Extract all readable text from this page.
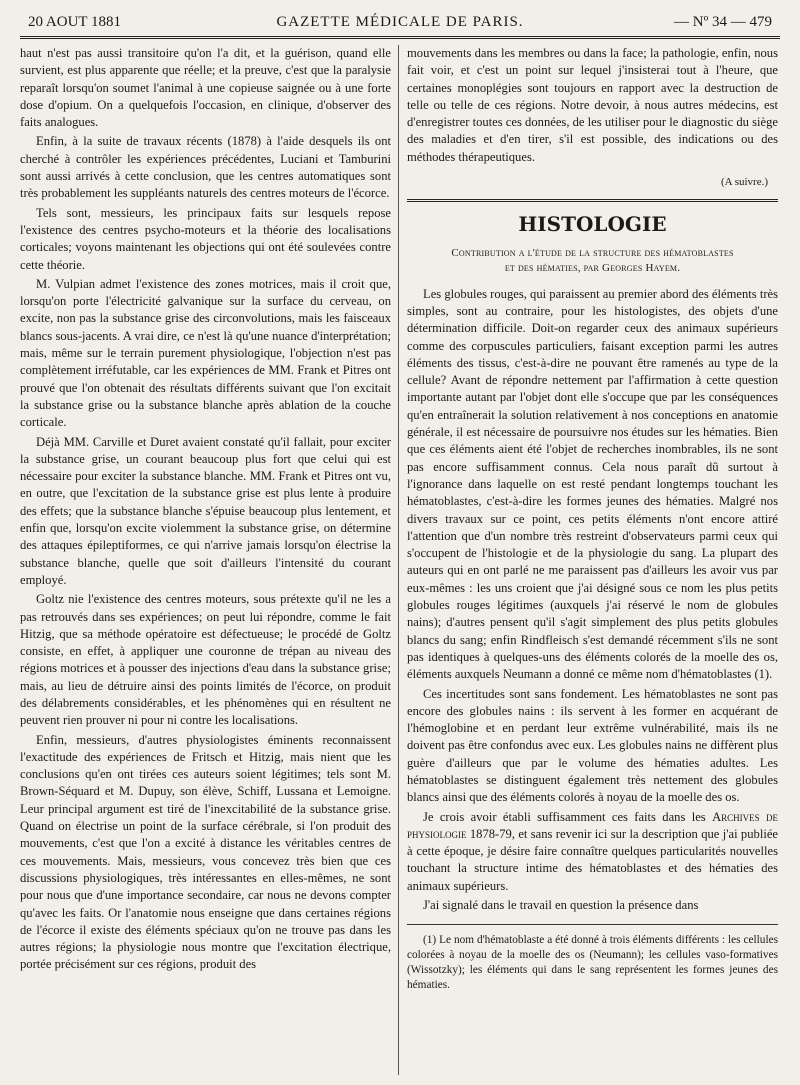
20 AOUT 1881	GAZETTE MÉDICALE DE PARIS.	— Nº 34 — 479

haut n'est pas aussi transitoire qu'on l'a dit, et la guérison, quand elle survient, est plus apparente que réelle; et la preuve, c'est que la paralysie reparaît lorsqu'on soumet l'animal à une copieuse saignée ou à une forte dose d'opium. On a quelquefois l'occasion, en clinique, d'observer des faits analogues.

Enfin, à la suite de travaux récents (1878) à l'aide desquels ils ont cherché à contrôler les expériences précédentes, Luciani et Tamburini sont aussi arrivés à cette conclusion, que les centres automatiques sont très probablement les suppléants naturels des centres moteurs de l'écorce.

Tels sont, messieurs, les principaux faits sur lesquels repose l'existence des centres psycho-moteurs et la théorie des localisations corticales; voyons maintenant les objections qui ont été soulevées contre cette théorie.

M. Vulpian admet l'existence des zones motrices, mais il croit que, lorsqu'on porte l'électricité galvanique sur la surface du cerveau, on excite, non pas la substance grise des circonvolutions, mais les faisceaux blancs sous-jacents. A vrai dire, ce n'est là qu'une nuance d'interprétation; mais, même sur le terrain purement physiologique, l'objection n'est pas complètement irréfutable, car les expériences de MM. Frank et Pitres ont prouvé que l'on obtenait des résultats différents suivant que l'on excitait la substance grise ou la substance blanche après ablation de la couche corticale.

Déjà MM. Carville et Duret avaient constaté qu'il fallait, pour exciter la substance grise, un courant beaucoup plus fort que celui qui est nécessaire pour exciter la substance blanche. MM. Frank et Pitres ont vu, en outre, que l'excitation de la substance grise est plus lente à produire des effets; que la substance blanche s'épuise beaucoup plus lentement, et enfin que, lorsqu'on excite violemment la substance grise, on détermine des attaques épileptiformes, ce qui n'arrive jamais lorsqu'on électrise la substance blanche, quelle que soit d'ailleurs l'intensité du courant employé.

Goltz nie l'existence des centres moteurs, sous prétexte qu'il ne les a pas retrouvés dans ses expériences; on peut lui répondre, comme le fait Hitzig, que sa méthode opératoire est défectueuse; le procédé de Goltz consiste, en effet, à appliquer une couronne de trépan au niveau des régions motrices et à pousser des injections d'eau dans la substance grise; mais, au lieu de détruire ainsi des points limités de l'écorce, on produit des délabrements considérables, et les phénomènes qui en résultent ne peuvent rien prouver ni pour ni contre les localisations.

Enfin, messieurs, d'autres physiologistes éminents reconnaissent l'exactitude des expériences de Fritsch et Hitzig, mais nient que les conclusions qu'en ont tirées ces auteurs soient légitimes; tels sont M. Brown-Séquard et M. Dupuy, son élève, Schiff, Lussana et Lemoigne. Leur principal argument est tiré de l'inexcitabilité de la substance grise. Quand on électrise un point de la surface cérébrale, si l'on produit des mouvements, c'est que l'on a excité à distance les véritables centres de ces mouvements. Mais, messieurs, vous concevez très bien que ces discussions physiologiques, très intéressantes en elles-mêmes, ne sont pour nous que d'une importance secondaire, car nous ne devons compter qu'avec les faits. Or l'anatomie nous enseigne que dans certaines régions de l'écorce il existe des éléments spéciaux qu'on ne trouve pas dans les autres régions; la physiologie nous montre que l'excitation électrique, portée précisément sur ces régions, produit des

mouvements dans les membres ou dans la face; la pathologie, enfin, nous fait voir, et c'est un point sur lequel j'insisterai tout à l'heure, que certaines monoplégies sont toujours en rapport avec la destruction de telle ou telle de ces régions. Notre devoir, à nous autres médecins, est d'enregistrer toutes ces données, de les utiliser pour le diagnostic du siège des maladies et d'en tirer, s'il est possible, des indications ou des méthodes thérapeutiques.

(A suivre.)
HISTOLOGIE
Contribution a l'étude de la structure des hématoblastes
et des hématies, par Georges Hayem.

Les globules rouges, qui paraissent au premier abord des éléments très simples, sont au contraire, pour les histologistes, des objets d'une détermination difficile. Doit-on regarder ceux des animaux supérieurs comme des corpuscules particuliers, faisant exception parmi les autres éléments des tissus, c'est-à-dire ne pouvant être ramenés au type de la cellule? Avant de répondre nettement par l'affirmation à cette question importante autant par l'objet dont elle s'occupe que par les conséquences qu'en entraînerait la solution relativement à nos conceptions en anatomie générale, il est nécessaire de poursuivre nos études sur les hématies. Bien que ces éléments aient été l'objet de recherches inombrables, ils ne sont pas encore suffisamment connus. Cela nous paraît dû surtout à l'ignorance dans laquelle on est resté pendant longtemps touchant les hématoblastes, c'est-à-dire les formes jeunes des hématies. Malgré nos divers travaux sur ce point, ces petits éléments n'ont encore attiré l'attention que d'un nombre très restreint d'observateurs parmi ceux qui s'occupent de l'histologie et de la physiologie du sang. La plupart des auteurs qui en ont parlé ne me paraissent pas d'ailleurs les avoir vus par eux-mêmes : les uns croient que j'ai désigné sous ce nom les plus petits globules rouges légitimes (auxquels j'ai réservé le nom de globules nains); d'autres pensent qu'il s'agit simplement des plus petits globules blancs du sang; enfin Rindfleisch s'est demandé récemment s'ils ne sont pas identiques à quelques-uns des éléments colorés de la moelle des os, éléments auxquels Neumann a donné ce même nom d'hématoblastes (1).

Ces incertitudes sont sans fondement. Les hématoblastes ne sont pas encore des globules nains : ils servent à les former en acquérant de l'hémoglobine et en perdant leur extrême vulnérabilité, mais ils ne doivent pas être confondus avec eux. Les globules nains ne diffèrent plus guère d'ailleurs que par le volume des hématies adultes. Les hématoblastes se distinguent également très nettement des globules blancs ainsi que des éléments colorés à noyau de la moelle des os.

Je crois avoir établi suffisamment ces faits dans les Archives de physiologie 1878-79, et sans revenir ici sur la description que j'ai publiée à cette époque, je désire faire connaître quelques particularités nouvelles touchant la structure intime des hématoblastes et des hématies des animaux supérieurs.

J'ai signalé dans le travail en question la présence dans

(1) Le nom d'hématoblaste a été donné à trois éléments différents : les cellules colorées à noyau de la moelle des os (Neumann); les cellules vaso-formatives (Wissotzky); les éléments qui dans le sang représentent les formes jeunes des hématies.
